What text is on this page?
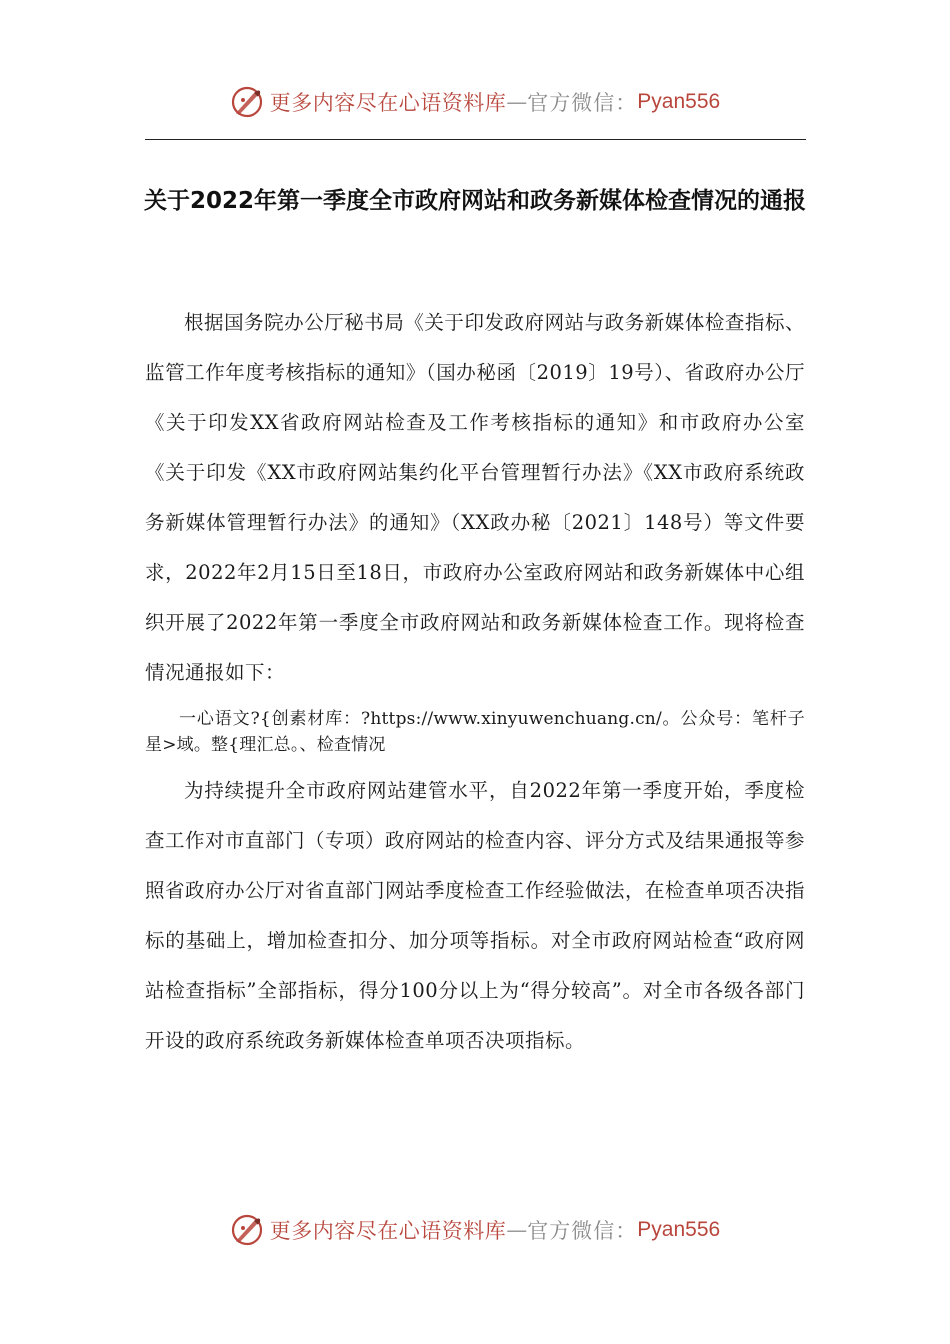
更多内容尽在心语资料库 — 官方微信： Pyan556
关于2022年第一季度全市政府网站和政务新媒体检查情况的通报

根据国务院办公厅秘书局《关于印发政府网站与政务新媒体检查指标、监管工作年度考核指标的通知》（国办秘函〔2019〕19号）、省政府办公厅《关于印发XX省政府网站检查及工作考核指标的通知》和市政府办公室《关于印发《XX市政府网站集约化平台管理暂行办法》《XX市政府系统政务新媒体管理暂行办法》的通知》（XX政办秘〔2021〕148号）等文件要求，2022年2月15日至18日，市政府办公室政府网站和政务新媒体中心组织开展了2022年第一季度全市政府网站和政务新媒体检查工作。现将检查情况通报如下：

一心语文?{创素材库：?https://www.xinyuwenchuang.cn/。公众号：笔杆子星>域。整{理汇总。、检查情况

为持续提升全市政府网站建管水平，自2022年第一季度开始，季度检查工作对市直部门（专项）政府网站的检查内容、评分方式及结果通报等参照省政府办公厅对省直部门网站季度检查工作经验做法，在检查单项否决指标的基础上，增加检查扣分、加分项等指标。对全市政府网站检查“政府网站检查指标”全部指标，得分100分以上为“得分较高”。对全市各级各部门开设的政府系统政务新媒体检查单项否决项指标。

更多内容尽在心语资料库 — 官方微信： Pyan556
